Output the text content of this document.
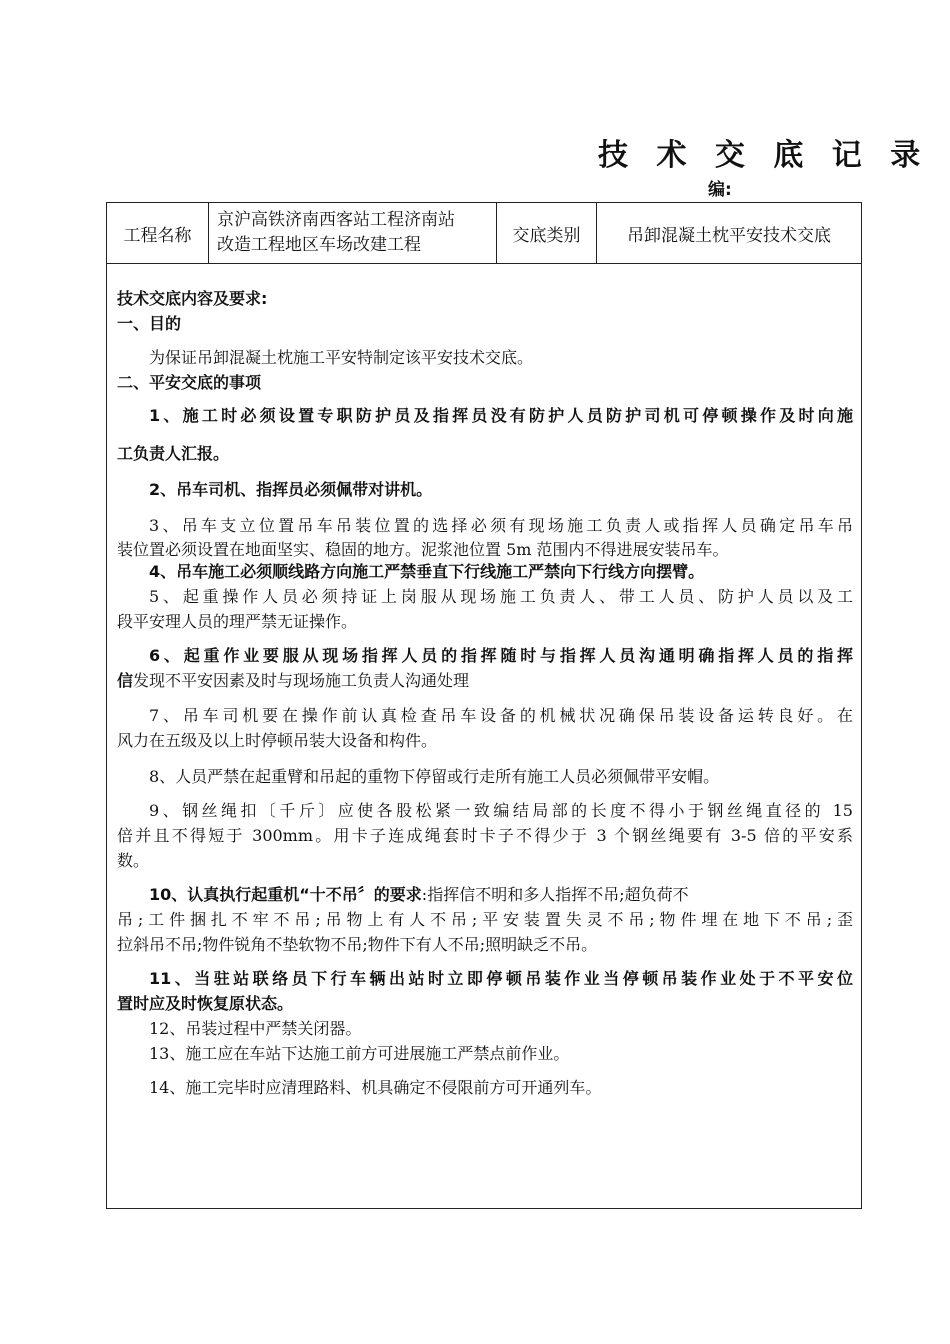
技 术 交 底 记 录
编:
工程名称
京沪高铁济南西客站工程济南站
改造工程地区车场改建工程	交底类别	吊卸混凝土枕平安技术交底
技术交底内容及要求:
一、目的
为保证吊卸混凝土枕施工平安特制定该平安技术交底。
二、平安交底的事项
1、施工时必须设置专职防护员及指挥员没有防护人员防护司机可停顿操作及时向施
工负责人汇报。
2、吊车司机、指挥员必须佩带对讲机。
3、吊车支立位置吊车吊装位置的选择必须有现场施工负责人或指挥人员确定吊车吊
装位置必须设置在地面坚实、稳固的地方。泥浆池位置 5m 范围内不得进展安装吊车。
4、吊车施工必须顺线路方向施工严禁垂直下行线施工严禁向下行线方向摆臂。
5、起重操作人员必须持证上岗服从现场施工负责人、带工人员、防护人员以及工
段平安理人员的理严禁无证操作。
6、起重作业要服从现场指挥人员的指挥随时与指挥人员沟通明确指挥人员的指挥
信发现不平安因素及时与现场施工负责人沟通处理
7、吊车司机要在操作前认真检查吊车设备的机械状况确保吊装设备运转良好。在
风力在五级及以上时停顿吊装大设备和构件。
8、人员严禁在起重臂和吊起的重物下停留或行走所有施工人员必须佩带平安帽。
9、钢丝绳扣〔千斤〕应使各股松紧一致编结局部的长度不得小于钢丝绳直径的 15
倍并且不得短于 300mm。用卡子连成绳套时卡子不得少于 3 个钢丝绳要有 3-5 倍的平安系
数。
10、认真执行起重机“十不吊〞的要求:指挥信不明和多人指挥不吊;超负荷不
吊;工件捆扎不牢不吊;吊物上有人不吊;平安装置失灵不吊;物件埋在地下不吊;歪
拉斜吊不吊;物件锐角不垫软物不吊;物件下有人不吊;照明缺乏不吊。
11、当驻站联络员下行车辆出站时立即停顿吊装作业当停顿吊装作业处于不平安位
置时应及时恢复原状态。
12、吊装过程中严禁关闭器。
13、施工应在车站下达施工前方可进展施工严禁点前作业。
14、施工完毕时应清理路料、机具确定不侵限前方可开通列车。
